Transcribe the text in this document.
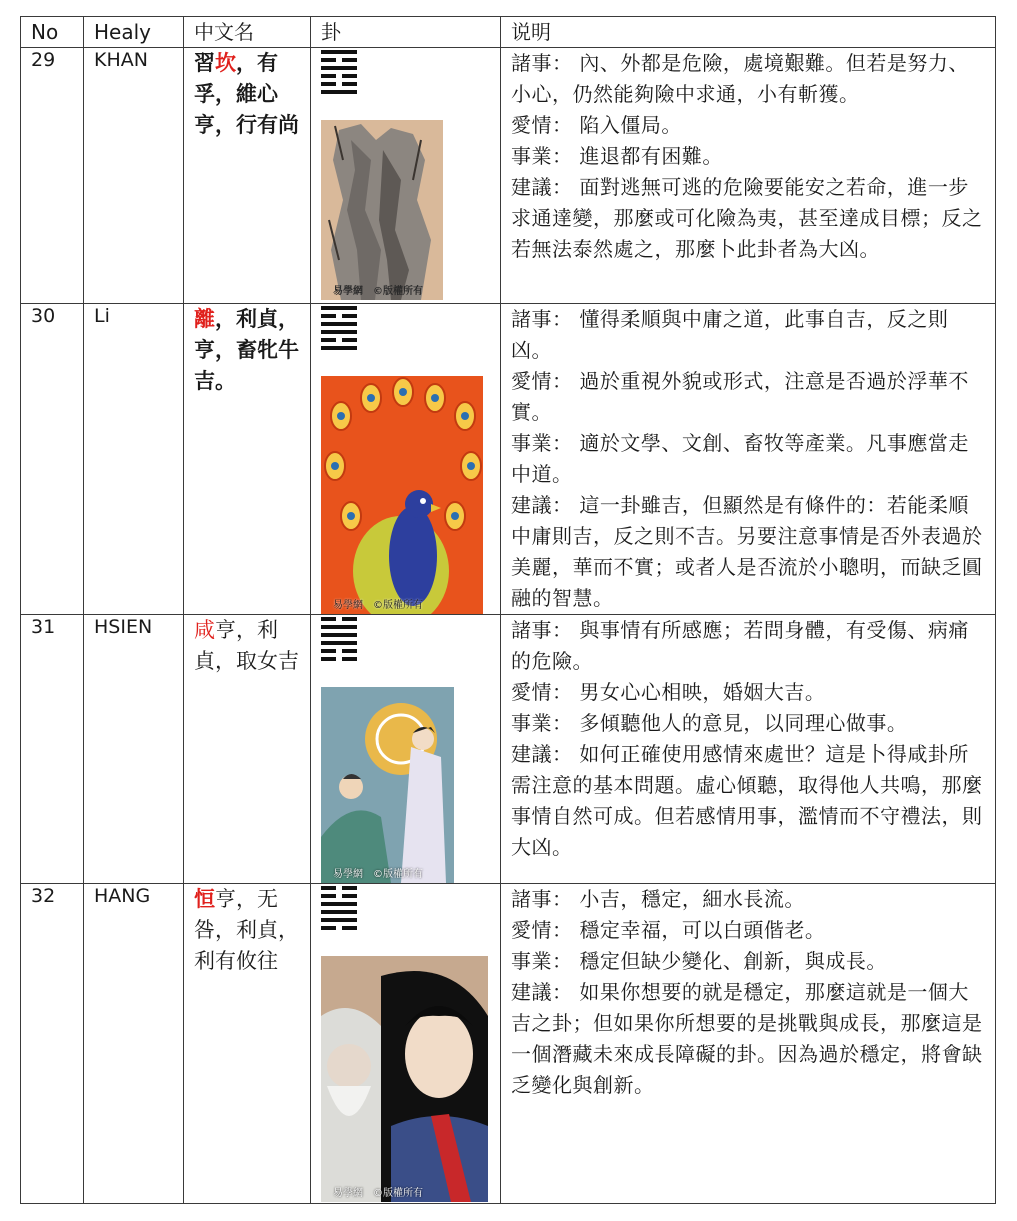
No	Healy	中文名	卦	说明
29	KHAN	習坎，有孚，維心亨，行有尚	易學網　©版權所有	諸事： 內、外都是危險，處境艱難。但若是努力、小心，仍然能夠險中求通，小有斬獲。
愛情： 陷入僵局。
事業： 進退都有困難。
建議： 面對逃無可逃的危險要能安之若命，進一步求通達變，那麼或可化險為夷，甚至達成目標；反之若無法泰然處之，那麼卜此卦者為大凶。

30	Li	離，利貞，亨，畜牝牛吉。	易學網　©版權所有	諸事： 懂得柔順與中庸之道，此事自吉，反之則凶。
愛情： 過於重視外貌或形式，注意是否過於浮華不實。
事業： 適於文學、文創、畜牧等產業。凡事應當走中道。
建議： 這一卦雖吉，但顯然是有條件的：若能柔順中庸則吉，反之則不吉。另要注意事情是否外表過於美麗，華而不實；或者人是否流於小聰明，而缺乏圓融的智慧。

31	HSIEN	咸亨，利貞，取女吉	易學網　©版權所有	諸事： 與事情有所感應；若問身體，有受傷、病痛的危險。
愛情： 男女心心相映，婚姻大吉。
事業： 多傾聽他人的意見，以同理心做事。
建議： 如何正確使用感情來處世？這是卜得咸卦所需注意的基本問題。虛心傾聽，取得他人共鳴，那麼事情自然可成。但若感情用事，濫情而不守禮法，則大凶。

32	HANG	恒亨，无咎，利貞，利有攸往	易學網　©版權所有	諸事： 小吉，穩定，細水長流。
愛情： 穩定幸福，可以白頭偕老。
事業： 穩定但缺少變化、創新，與成長。
建議： 如果你想要的就是穩定，那麼這就是一個大吉之卦；但如果你所想要的是挑戰與成長，那麼這是一個潛藏未來成長障礙的卦。因為過於穩定，將會缺乏變化與創新。
